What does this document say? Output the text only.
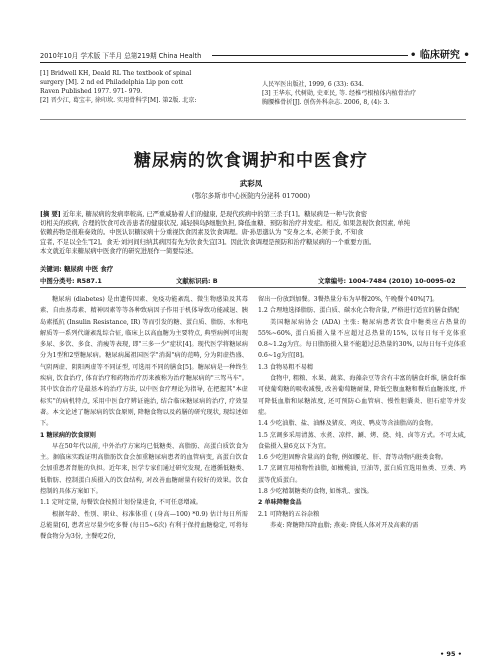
2010年10月 学术版 下半月 总第219期 China Health	• 临床研究 •
[1] Bridwell KH, Deald RL The textbook of spinal
surgery [M]. 2 nd ed Philadelphia Lip pon cott
Raven Published 1977. 971- 979.
[2] 晋少江, 葛宝丰, 徐印坎. 实用骨科学[M]. 第2版. 北京:
人民军医出版社, 1999, 6 (33): 634.
[3] 王华东, 代树勋, 史亚民, 等. 经椎弓根植体内植骨治疗
胸腰椎骨折[J]. 创伤外科杂志. 2006, 8, (4): 3.
糖尿病的饮食调护和中医食疗
武彩凤
(鄂尔多斯市中心医院内分泌科 017000)
[摘 要] 近年来, 糖尿病的发病率較高, 已严重威胁着人们的健康, 是现代疾病中的第三杀手[1]。糖尿病是一种与饮食密
切相关的疾病, 合理的饮食可改善患者的健康状况, 减轻胰岛β细胞负担, 降低血糖、预防和治疗并发症。相反, 如果忽视饮食因素, 单纯
依赖药物是很难奏效的。中医认识糖尿病十分重视饮食因素及饮食调理。唐·孙思邈认为 "安身之本, 必须于食, 不知食
宜者, 不足以全生"[2]。食无·刘河间归纳其病因有先为饮食失宜[3]。因此饮食调理是预防和治疗糖尿病的一个重要方面。
本文就近年来糖尿病中医食疗的研究进展作一简要综述。
关键词: 糖尿病 中医 食疗
中图分类号: R587.1	文献标识码: B	文章编号: 1004-7484 (2010) 10-0095-02

糖尿病 (diabetes) 是由遗传因素、免疫功能紊乱、微生物感染及其毒素、自由基毒素、精神因素等等各种致病因子作用于机体导致功能减退、胰岛素抵抗 (Insulin Resistance, IR) 等而引发的糖、蛋白质、脂肪、水和电解质等一系列代谢紊乱综合征, 临床上以高血糖为主要特点, 典型病例可出现多尿、多饮、多食、消瘦等表现, 即"三多一少"症状[4]。现代医学将糖尿病分为1型和2型糖尿病。糖尿病属祖国医学"消渴"病的范畴, 分为阴虚热盛、气阴两虚、阴阳两虚等不同证型, 可选用不同的膳食[5]。糖尿病是一种终生疾病, 饮食治疗, 体育治疗和药物治疗历来被称为治疗糖尿病的"三驾马车"。其中饮食治疗是最基本的治疗方法, 以中医食疗理论为指导, 在把握其"本虚标实"的病机特点, 采用中医食疗辨证施治, 结合临床糖尿病的治疗, 疗效显著。本文论述了糖尿病的饮食原则, 降糖食物以及药膳的研究现状, 现综述如下。

1 糖尿病的饮食原则

早在50年代以前, 中外治疗方案均已低糖类、高脂肪、高蛋白质饮食为主。据临床实践证明高脂肪饮食会加重糖尿病患者的血管病变, 高蛋白饮食会加重患者肾脏的负担。近年来, 医学专家们通过研究发现, 在遵循低糖类、低脂肪、控制蛋白质摄入的饮食结构, 对改善血糖耐量有较好的效果。饮食控制的具体方案如下。

1.1 定时定量, 每餐饮食按照计划份量进食, 不可任意增减。

根据年龄、性别、职业、标准体重 ( (身高—100) *0.9) 估计每日所需总能量[6], 患者应尽量少吃多餐 (每日5~6次) 有利于保持血糖稳定, 可将每餐食物分为3份, 主餐吃2份,

留出一份放到加餐。3餐热量分布为早餐20%, 午晚餐个40%[7]。

1.2 合理地选择脂肪、蛋白质、碳水化合物含量, 严格进行适宜的膳食搭配

美国糖尿病协会 (ADA) 主张: 糖尿病患者饮食中糖类应占热量的55%~60%, 蛋白质摄入量不应超过总热量的15%, 以每日每千克体重0.8~1.2g为宜。每日脂肪摄入量不能超过总热量的30%, 以每日每千克体重0.6~1g为宜[8]。

1.3 食物易粗不易精

食物中, 粗粮、水果、蔬菜、海藻杂豆等含有丰富的膳食纤维, 膳食纤维可使葡萄糖的吸收减慢, 改善葡萄糖耐量, 降低空腹血糖和餐后血糖浓度, 并可降低血脂和尿糖浓度, 还可预防心血管病、慢性胆囊炎、胆石症等并发症。

1.4 少吃油脂、盐、油酥及猪皮、鸡皮、鸭皮等含油脂高的食物。

1.5 烹调多采用清蒸、水煮、凉拌、涮、烤、烧、炖、卤等方式。不可太咸, 食盐摄入量6克以下为宜。

1.6 少吃胆固醇含量高的食物, 例如腰花、肝、肾等动物内脏类食物。

1.7 烹调宜用植物性油脂, 如橄榄油, 豆油等, 蛋白质宜选用鱼类、豆类、鸡蛋等优质蛋白。

1.8 少吃精制糖类的食物, 如炼乳、蜜饯。

2 单味降糖食品

2.1 可降糖的五谷杂粮

荞麦: 降糖降压降血脂; 燕麦: 降低人体对开及高素的需

• 95 •
